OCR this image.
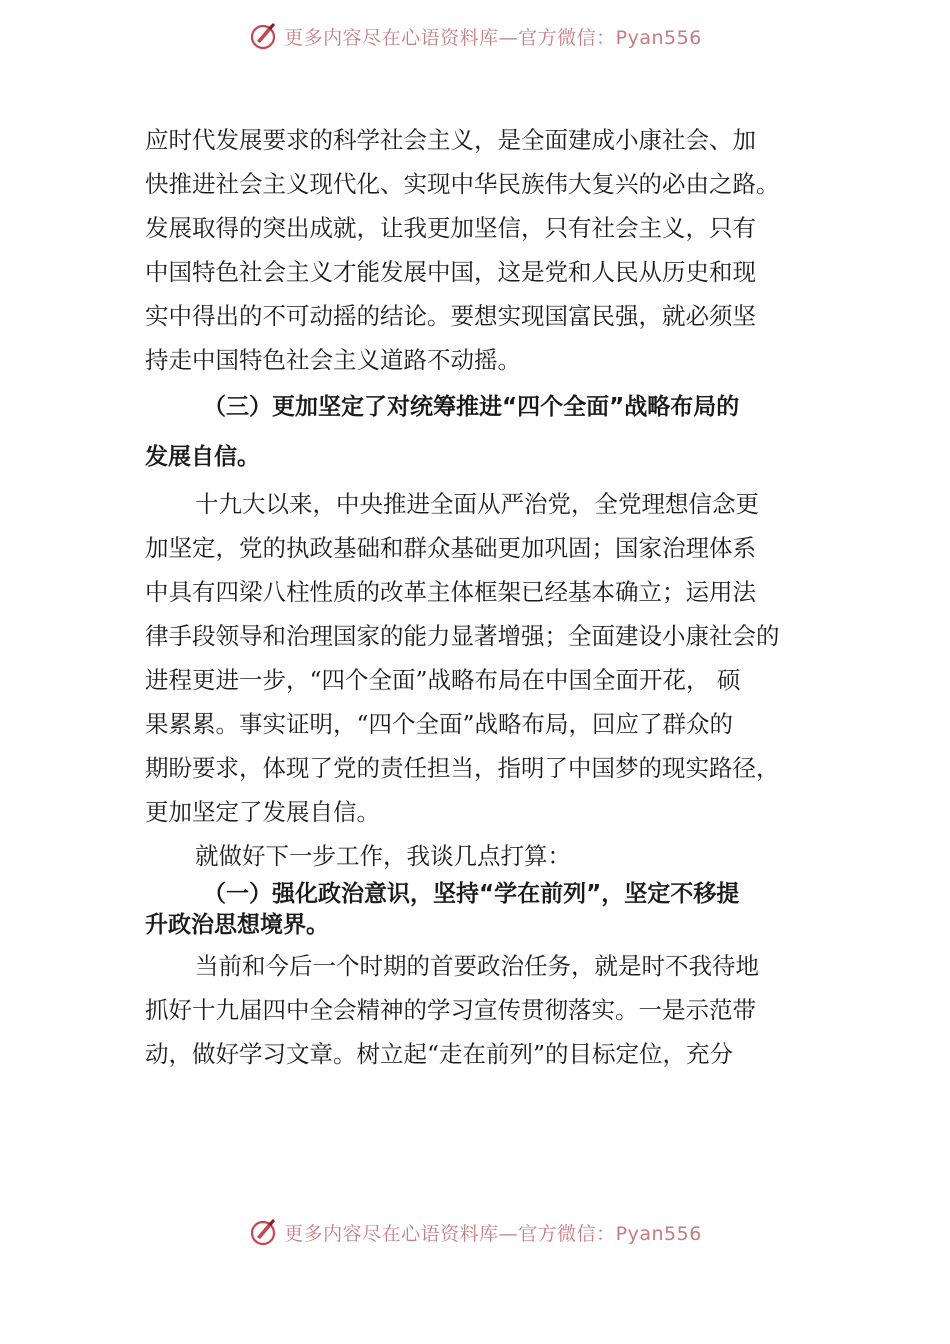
更多内容尽在心语资料库—官方微信：Pyan556
应时代发展要求的科学社会主义，是全面建成小康社会、加
快推进社会主义现代化、实现中华民族伟大复兴的必由之路。
发展取得的突出成就，让我更加坚信，只有社会主义，只有
中国特色社会主义才能发展中国，这是党和人民从历史和现
实中得出的不可动摇的结论。要想实现国富民强，就必须坚
持走中国特色社会主义道路不动摇。
（三）更加坚定了对统筹推进“四个全面”战略布局的
发展自信。
十九大以来，中央推进全面从严治党，全党理想信念更
加坚定，党的执政基础和群众基础更加巩固；国家治理体系
中具有四梁八柱性质的改革主体框架已经基本确立；运用法
律手段领导和治理国家的能力显著增强；全面建设小康社会的
进程更进一步，“四个全面”战略布局在中国全面开花， 硕
果累累。事实证明，“四个全面”战略布局，回应了群众的
期盼要求，体现了党的责任担当，指明了中国梦的现实路径，
更加坚定了发展自信。
就做好下一步工作，我谈几点打算：
（一）强化政治意识，坚持“学在前列”，坚定不移提
升政治思想境界。
当前和今后一个时期的首要政治任务，就是时不我待地
抓好十九届四中全会精神的学习宣传贯彻落实。一是示范带
动，做好学习文章。树立起“走在前列”的目标定位，充分
更多内容尽在心语资料库—官方微信：Pyan556
